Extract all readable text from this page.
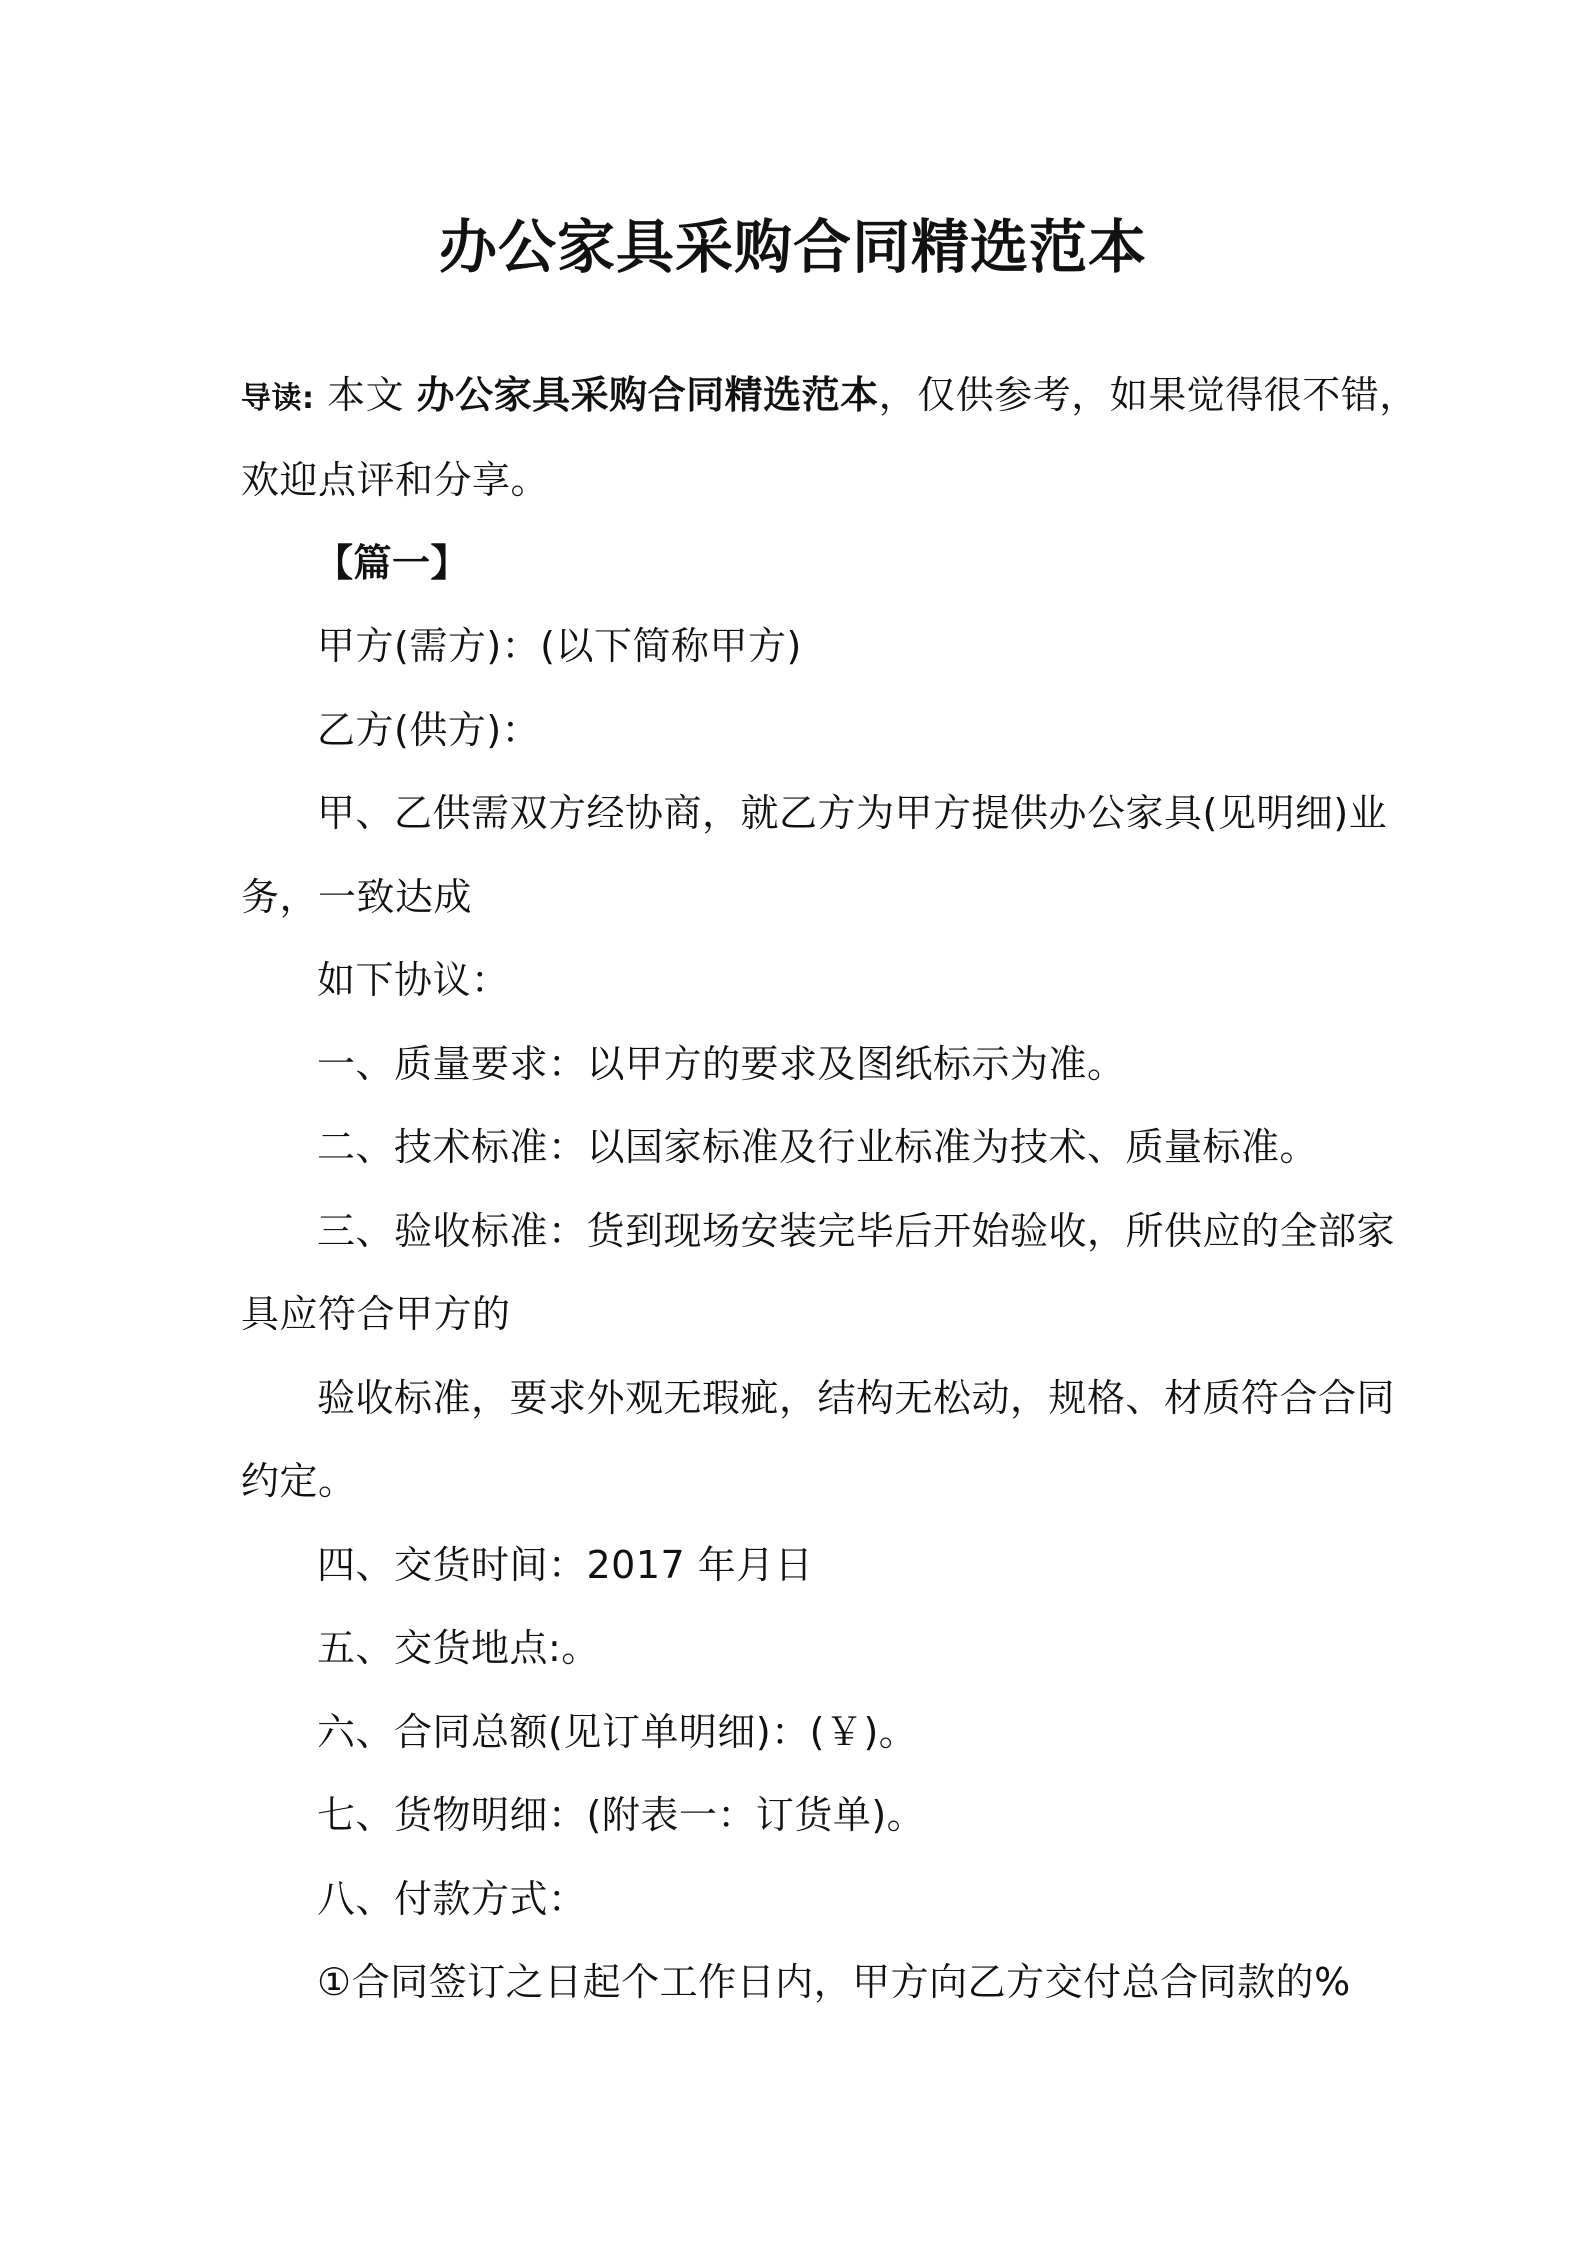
办公家具采购合同精选范本
导读: 本文 办公家具采购合同精选范本，仅供参考，如果觉得很不错，
欢迎点评和分享。
【篇一】
甲方(需方)：(以下简称甲方)
乙方(供方)：
甲、乙供需双方经协商，就乙方为甲方提供办公家具(见明细)业
务，一致达成
如下协议：
一、质量要求：以甲方的要求及图纸标示为准。
二、技术标准：以国家标准及行业标准为技术、质量标准。
三、验收标准：货到现场安装完毕后开始验收，所供应的全部家
具应符合甲方的
验收标准，要求外观无瑕疵，结构无松动，规格、材质符合合同
约定。
四、交货时间：2017 年月日
五、交货地点:。
六、合同总额(见订单明细)：(￥)。
七、货物明细：(附表一：订货单)。
八、付款方式：
①合同签订之日起个工作日内，甲方向乙方交付总合同款的%
